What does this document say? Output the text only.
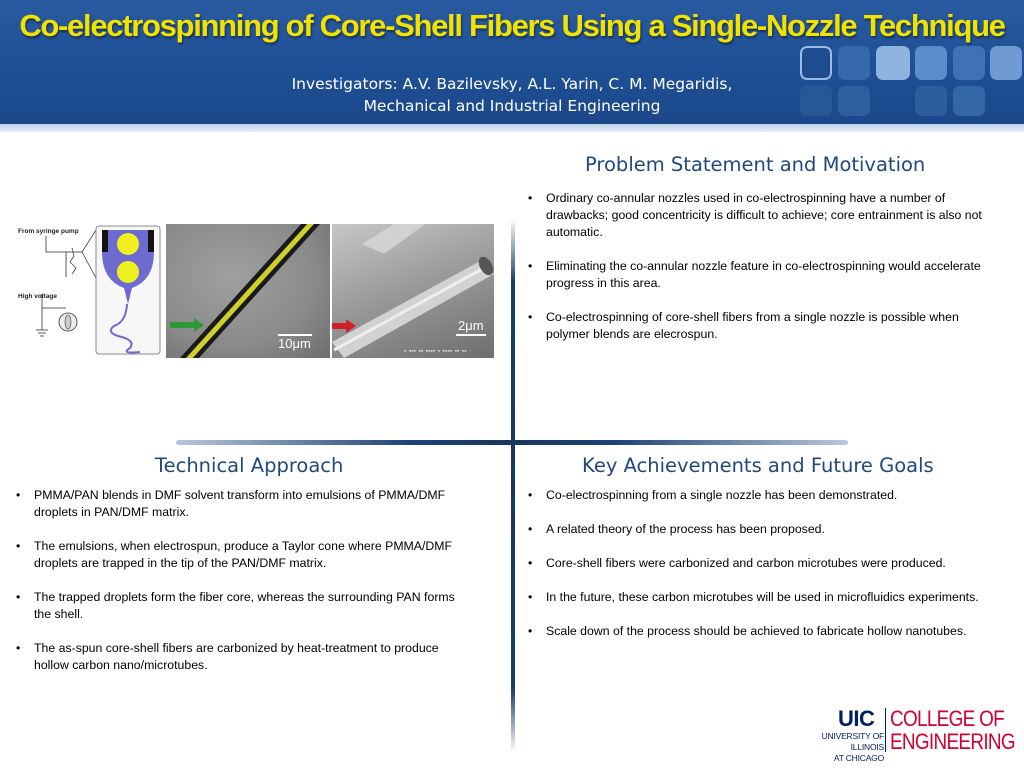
Co-electrospinning of Core-Shell Fibers Using a Single-Nozzle Technique
Investigators: A.V. Bazilevsky, A.L. Yarin, C. M. Megaridis,
Mechanical and Industrial Engineering
From syringe pump
High voltage
10μm
2μm
▪ ▪▪▪ ▪▪ ▪▪▪▪ ▪ ▪▪▪▪ ▪▪ ▪▪
Problem Statement and Motivation
• Ordinary co-annular nozzles used in co-electrospinning have a number of drawbacks; good concentricity is difficult to achieve; core entrainment is also not automatic.
• Eliminating the co-annular nozzle feature in co-electrospinning would accelerate progress in this area.
• Co-electrospinning of core-shell fibers from a single nozzle is possible when polymer blends are elecrospun.
Technical Approach
• PMMA/PAN blends in DMF solvent transform into emulsions of PMMA/DMF droplets in PAN/DMF matrix.
• The emulsions, when electrospun, produce a Taylor cone where PMMA/DMF droplets are trapped in the tip of the PAN/DMF matrix.
• The trapped droplets form the fiber core, whereas the surrounding PAN forms the shell.
• The as-spun core-shell fibers are carbonized by heat-treatment to produce hollow carbon nano/microtubes.
Key Achievements and Future Goals
• Co-electrospinning from a single nozzle has been demonstrated.
• A related theory of the process has been proposed.
• Core-shell fibers were carbonized and carbon microtubes were produced.
• In the future, these carbon microtubes will be used in microfluidics experiments.
• Scale down of the process should be achieved to fabricate hollow nanotubes.
UIC COLLEGE OF
ENGINEERING
UNIVERSITY OF ILLINOIS
AT CHICAGO
